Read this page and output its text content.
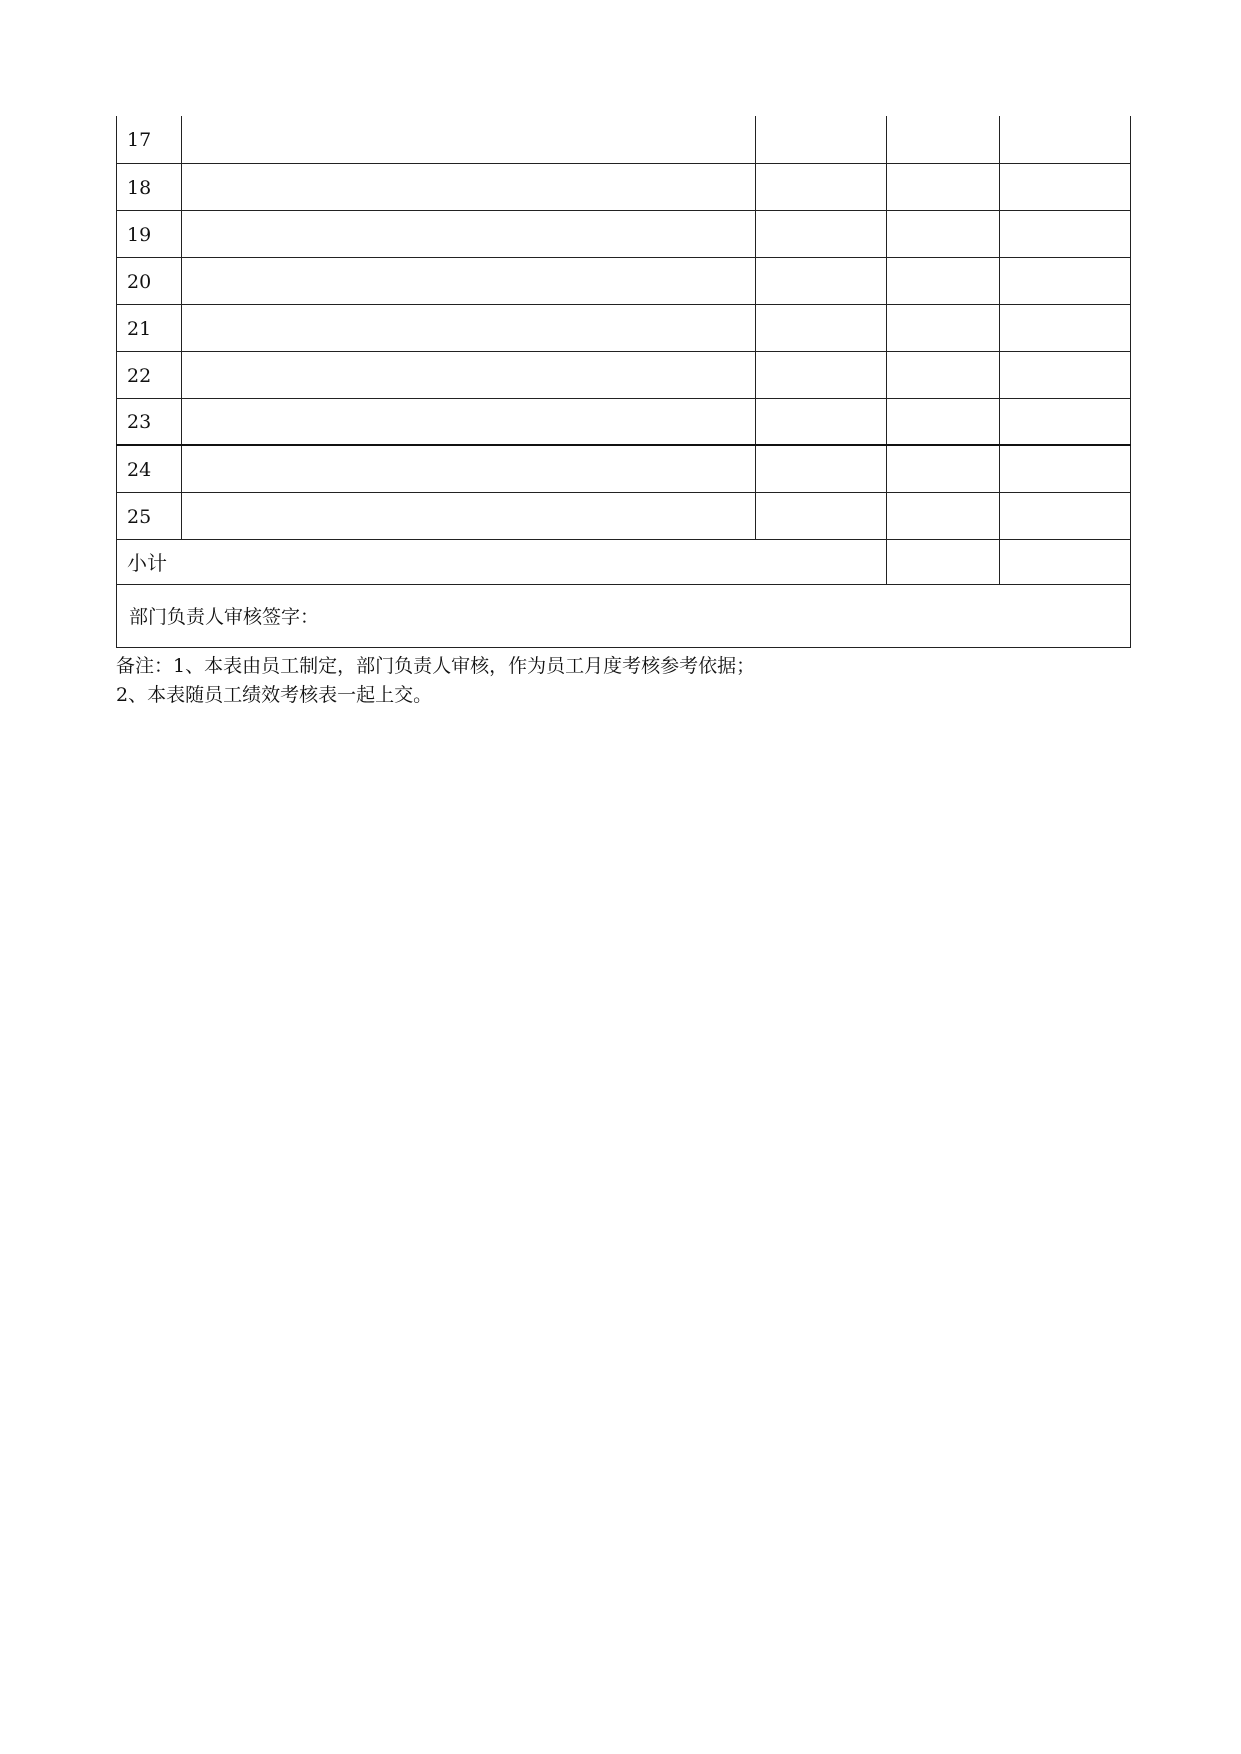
17				
18				
19				
20				
21				
22				
23				
24				
25				
小计				
部门负责人审核签字：				
备注：1、本表由员工制定，部门负责人审核，作为员工月度考核参考依据；
2、本表随员工绩效考核表一起上交。
